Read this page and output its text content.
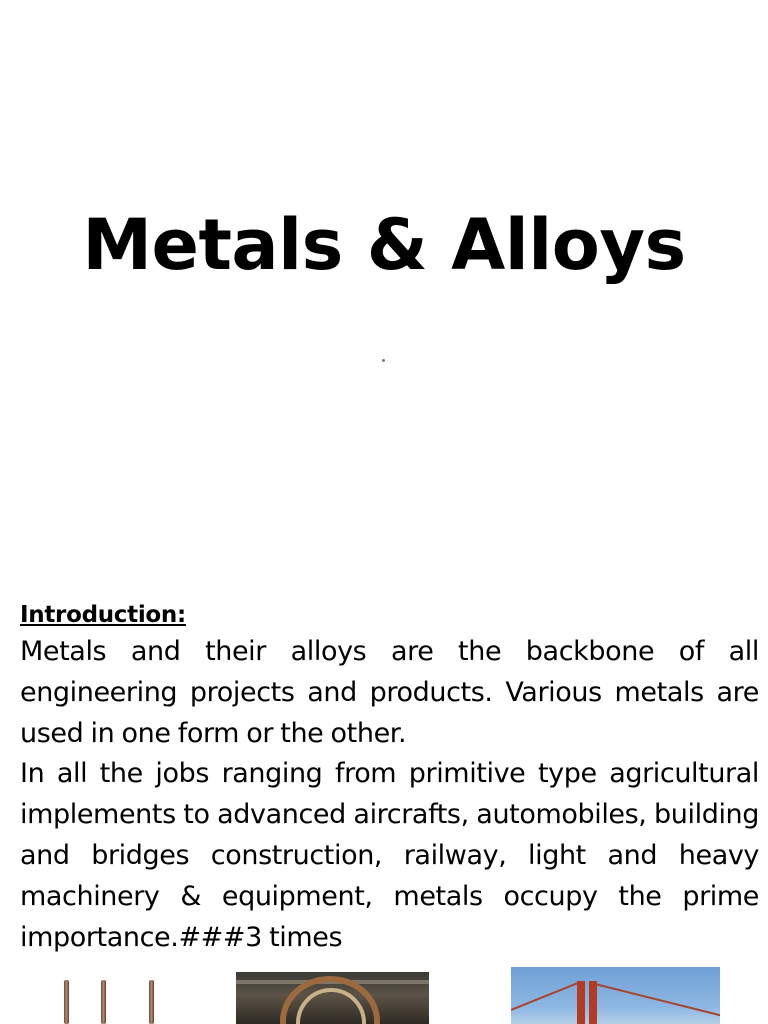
Metals & Alloys
Introduction:

Metals and their alloys are the backbone of all engineering projects and products. Various metals are used in one form or the other.

In all the jobs ranging from primitive type agricultural implements to advanced aircrafts, automobiles, building and bridges construction, railway, light and heavy machinery & equipment, metals occupy the prime importance.###3 times
